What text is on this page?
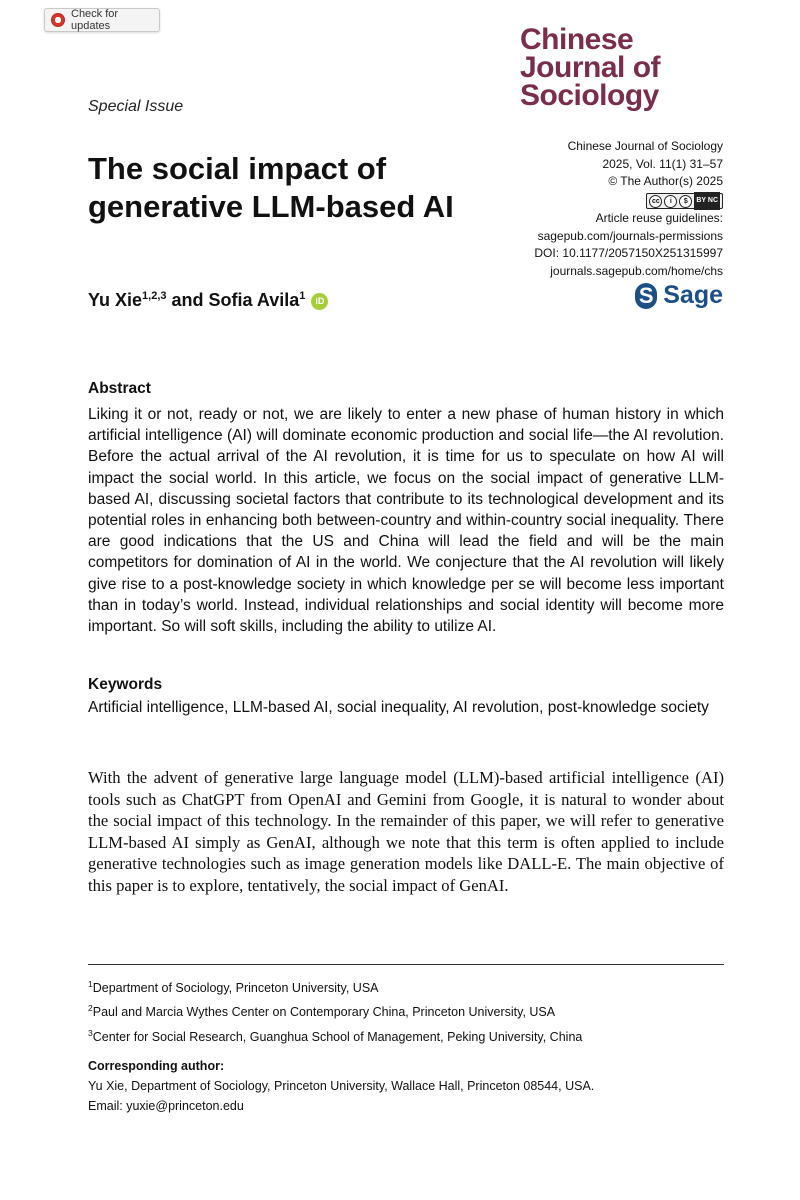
Check for updates	Chinese
Journal of
Sociology
Special Issue
The social impact of generative LLM-based AI
Chinese Journal of Sociology
2025, Vol. 11(1) 31–57
© The Author(s) 2025
cc	i	$	BY NC
Article reuse guidelines:
sagepub.com/journals-permissions
DOI: 10.1177/2057150X251315997
journals.sagepub.com/home/chs
S Sage
Yu Xie$^{1,2,3}$ and Sofia Avila$^1$ iD
Abstract

Liking it or not, ready or not, we are likely to enter a new phase of human history in which artificial intelligence (AI) will dominate economic production and social life—the AI revolution. Before the actual arrival of the AI revolution, it is time for us to speculate on how AI will impact the social world. In this article, we focus on the social impact of generative LLM-based AI, discussing societal factors that contribute to its technological development and its potential roles in enhancing both between-country and within-country social inequality. There are good indications that the US and China will lead the field and will be the main competitors for domination of AI in the world. We conjecture that the AI revolution will likely give rise to a post-knowledge society in which knowledge per se will become less important than in today’s world. Instead, individual relationships and social identity will become more important. So will soft skills, including the ability to utilize AI.

Keywords
Artificial intelligence, LLM-based AI, social inequality, AI revolution, post-knowledge society

With the advent of generative large language model (LLM)-based artificial intelligence (AI) tools such as ChatGPT from OpenAI and Gemini from Google, it is natural to wonder about the social impact of this technology. In the remainder of this paper, we will refer to generative LLM-based AI simply as GenAI, although we note that this term is often applied to include generative technologies such as image generation models like DALL-E. The main objective of this paper is to explore, tentatively, the social impact of GenAI.

$^1$Department of Sociology, Princeton University, USA
$^2$Paul and Marcia Wythes Center on Contemporary China, Princeton University, USA
$^3$Center for Social Research, Guanghua School of Management, Peking University, China
Corresponding author:
Yu Xie, Department of Sociology, Princeton University, Wallace Hall, Princeton 08544, USA.
Email: yuxie@princeton.edu
